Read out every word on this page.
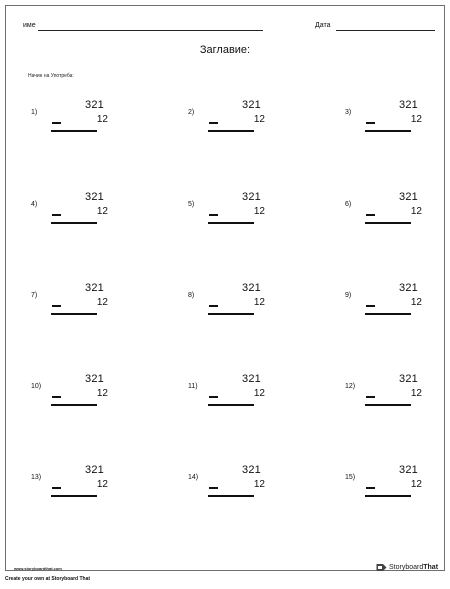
име	Дата
Заглавие:
Начин на Употреба:
1)
321
12
2)
321
12
3)
321
12
4)
321
12
5)
321
12
6)
321
12
7)
321
12
8)
321
12
9)
321
12
10)
321
12
11)
321
12
12)
321
12
13)
321
12
14)
321
12
15)
321
12
www.storyboardthat.com	StoryboardThat
Create your own at Storyboard That
